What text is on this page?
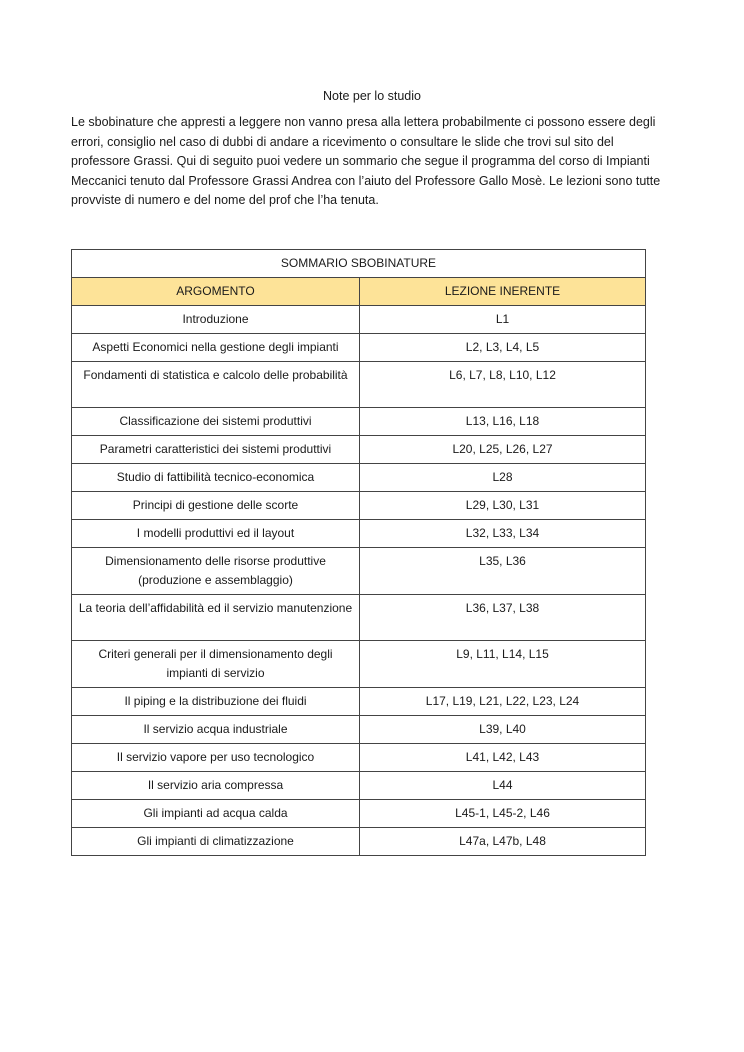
Note per lo studio
Le sbobinature che appresti a leggere non vanno presa alla lettera probabilmente ci possono essere degli errori, consiglio nel caso di dubbi di andare a ricevimento o consultare le slide che trovi sul sito del professore Grassi. Qui di seguito puoi vedere un sommario che segue il programma del corso di Impianti Meccanici tenuto dal Professore Grassi Andrea con l’aiuto del Professore Gallo Mosè. Le lezioni sono tutte provviste di numero e del nome del prof che l’ha tenuta.
SOMMARIO SBOBINATURE	
ARGOMENTO	LEZIONE INERENTE
Introduzione	L1
Aspetti Economici nella gestione degli impianti	L2, L3, L4, L5
Fondamenti di statistica e calcolo delle probabilità	L6, L7, L8, L10, L12
Classificazione dei sistemi produttivi	L13, L16, L18
Parametri caratteristici dei sistemi produttivi	L20, L25, L26, L27
Studio di fattibilità tecnico-economica	L28
Principi di gestione delle scorte	L29, L30, L31
I modelli produttivi ed il layout	L32, L33, L34
Dimensionamento delle risorse produttive (produzione e assemblaggio)	L35, L36
La teoria dell’affidabilità ed il servizio manutenzione	L36, L37, L38
Criteri generali per il dimensionamento degli impianti di servizio	L9, L11, L14, L15
Il piping e la distribuzione dei fluidi	L17, L19, L21, L22, L23, L24
Il servizio acqua industriale	L39, L40
Il servizio vapore per uso tecnologico	L41, L42, L43
Il servizio aria compressa	L44
Gli impianti ad acqua calda	L45-1, L45-2, L46
Gli impianti di climatizzazione	L47a, L47b, L48
